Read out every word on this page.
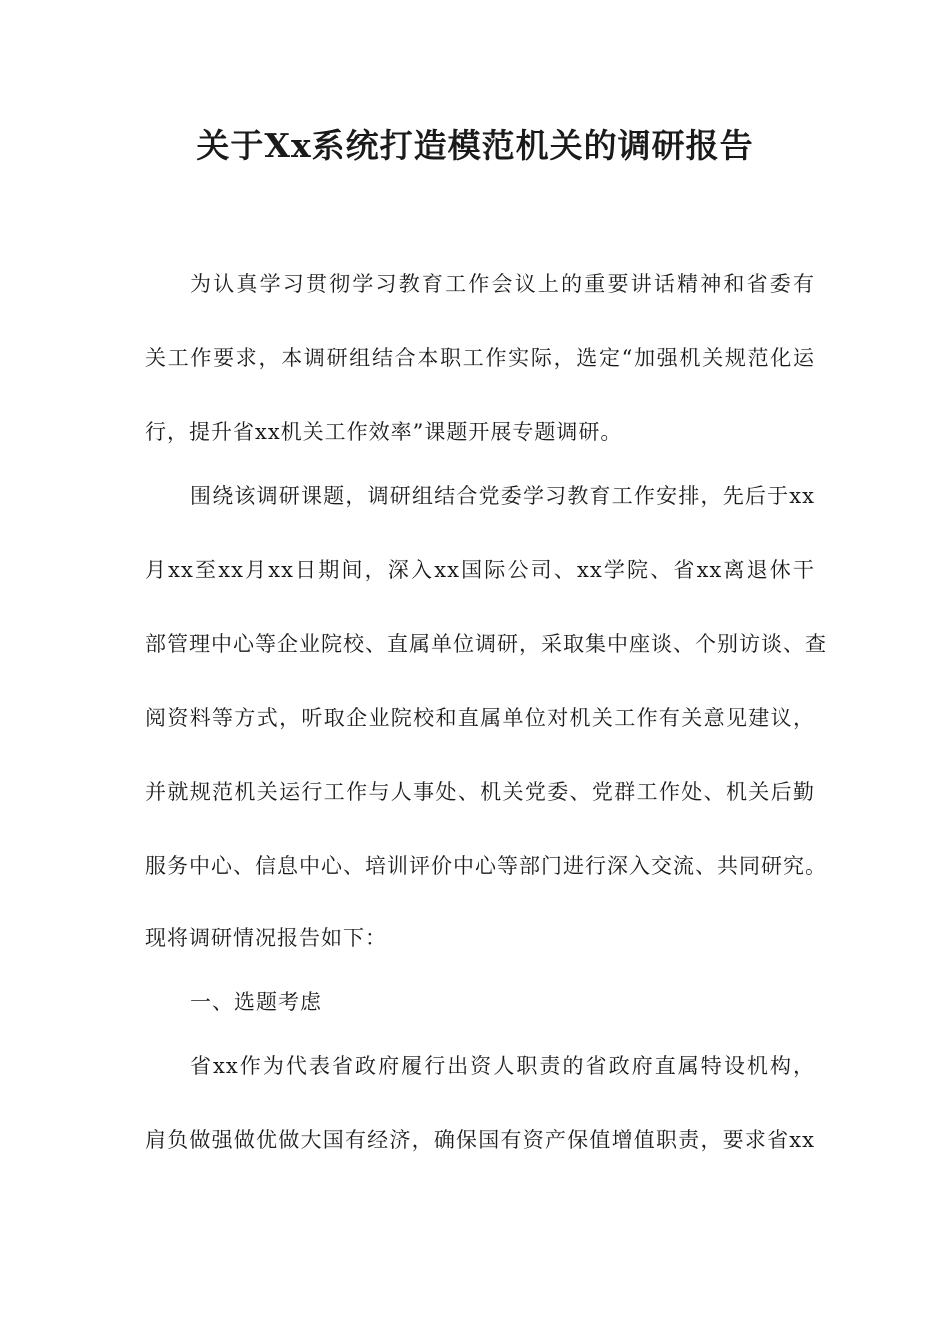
关于Xx系统打造模范机关的调研报告

为认真学习贯彻学习教育工作会议上的重要讲话精神和省委有

关工作要求，本调研组结合本职工作实际，选定“加强机关规范化运

行，提升省xx机关工作效率”课题开展专题调研。

围绕该调研课题，调研组结合党委学习教育工作安排，先后于xx

月xx至xx月xx日期间，深入xx国际公司、xx学院、省xx离退休干

部管理中心等企业院校、直属单位调研，采取集中座谈、个别访谈、查

阅资料等方式，听取企业院校和直属单位对机关工作有关意见建议，

并就规范机关运行工作与人事处、机关党委、党群工作处、机关后勤

服务中心、信息中心、培训评价中心等部门进行深入交流、共同研究。

现将调研情况报告如下：

一、选题考虑

省xx作为代表省政府履行出资人职责的省政府直属特设机构，

肩负做强做优做大国有经济，确保国有资产保值增值职责，要求省xx
